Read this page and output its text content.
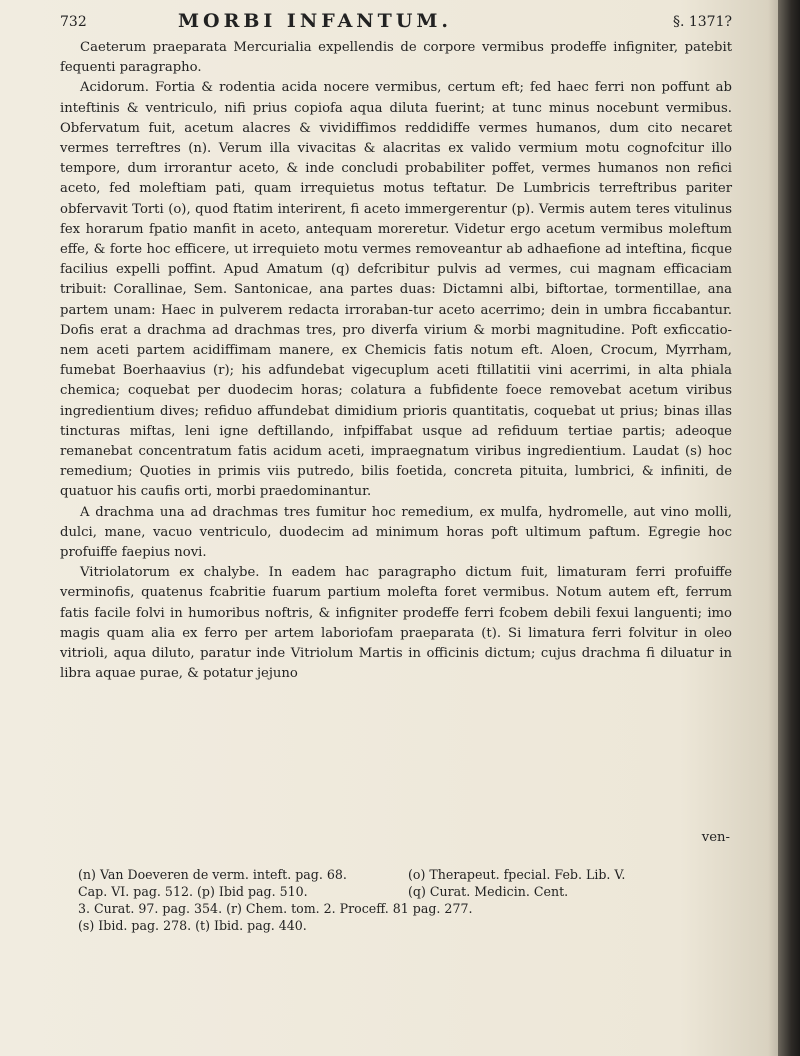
732	MORBI INFANTUM.	§. 1371?

Caeterum praeparata Mercurialia expellendis de corpore vermibus prodeffe infigniter, patebit fequenti paragrapho.

Acidorum. Fortia & rodentia acida nocere vermibus, certum eft; fed haec ferri non poffunt ab inteftinis & ventriculo, nifi prius copiofa aqua diluta fuerint; at tunc minus nocebunt vermibus. Obfervatum fuit, acetum alacres & vividiffimos reddidiffe vermes humanos, dum cito necaret vermes terreftres (n). Verum illa vivacitas & alacritas ex valido vermium motu cognofcitur illo tempore, dum irrorantur aceto, & inde concludi probabiliter poffet, vermes humanos non refici aceto, fed moleftiam pati, quam irrequietus motus teftatur. De Lumbricis terreftribus pariter obfervavit Torti (o), quod ftatim interirent, fi aceto immergerentur (p). Vermis autem teres vitulinus fex horarum fpatio manfit in aceto, antequam moreretur. Videtur ergo acetum vermibus moleftum effe, & forte hoc efficere, ut irrequieto motu vermes removeantur ab adhaefione ad inteftina, ficque facilius expelli poffint. Apud Amatum (q) defcribitur pulvis ad vermes, cui magnam efficaciam tribuit: Corallinae, Sem. Santonicae, ana partes duas: Dictamni albi, biftortae, tormentillae, ana partem unam: Haec in pulverem redacta irroraban-tur aceto acerrimo; dein in umbra ficcabantur. Dofis erat a drachma ad drachmas tres, pro diverfa virium & morbi magnitudine. Poft exficcatio-nem aceti partem acidiffimam manere, ex Chemicis fatis notum eft. Aloen, Crocum, Myrrham, fumebat Boerhaavius (r); his adfundebat vigecuplum aceti ftillatitii vini acerrimi, in alta phiala chemica; coquebat per duodecim horas; colatura a fubfidente foece removebat acetum viribus ingredientium dives; refiduo affundebat dimidium prioris quantitatis, coquebat ut prius; binas illas tincturas miftas, leni igne deftillando, infpiffabat usque ad refiduum tertiae partis; adeoque remanebat concentratum fatis acidum aceti, impraegnatum viribus ingredientium. Laudat (s) hoc remedium; Quoties in primis viis putredo, bilis foetida, concreta pituita, lumbrici, & infiniti, de quatuor his caufis orti, morbi praedominantur.

A drachma una ad drachmas tres fumitur hoc remedium, ex mulfa, hydromelle, aut vino molli, dulci, mane, vacuo ventriculo, duodecim ad minimum horas poft ultimum paftum. Egregie hoc profuiffe faepius novi.

Vitriolatorum ex chalybe. In eadem hac paragrapho dictum fuit, limaturam ferri profuiffe verminofis, quatenus fcabritie fuarum partium molefta foret vermibus. Notum autem eft, ferrum fatis facile folvi in humoribus noftris, & infigniter prodeffe ferri fcobem debili fexui languenti; imo magis quam alia ex ferro per artem laboriofam praeparata (t). Si limatura ferri folvitur in oleo vitrioli, aqua diluto, paratur inde Vitriolum Martis in officinis dictum; cujus drachma fi diluatur in libra aquae purae, & potatur jejuno

ven-
(n) Van Doeveren de verm. inteft. pag. 68.	(o) Therapeut. fpecial. Feb. Lib. V.
Cap. VI. pag. 512. (p) Ibid pag. 510.	(q) Curat. Medicin. Cent.
3. Curat. 97. pag. 354. (r) Chem. tom. 2. Proceff. 81 pag. 277.
(s) Ibid. pag. 278. (t) Ibid. pag. 440.
